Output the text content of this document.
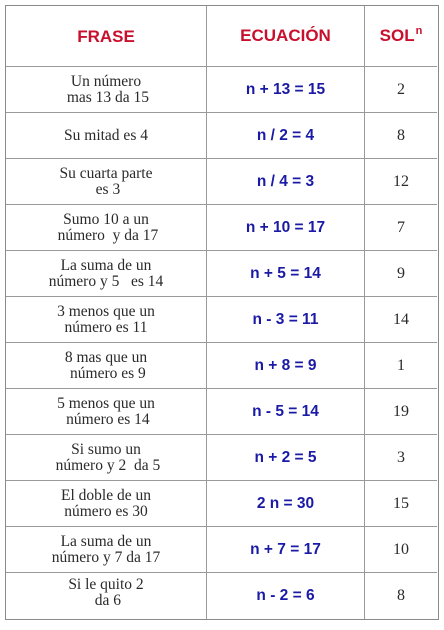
FRASE	ECUACIÓN	SOL$^n$
Un número
mas 13 da 15	n + 13 = 15	2
Su mitad es 4	n / 2 = 4	8
Su cuarta parte
es 3	n / 4 = 3	12
Sumo 10 a un
número  y da 17	n + 10 = 17	7
La suma de un
número y 5   es 14	n + 5 = 14	9
3 menos que un
número es 11	n - 3 = 11	14
8 mas que un
número es 9	n + 8 = 9	1
5 menos que un
número es 14	n - 5 = 14	19
Si sumo un
número y 2  da 5	n + 2 = 5	3
El doble de un
número es 30	2 n = 30	15
La suma de un
número y 7 da 17	n + 7 = 17	10
Si le quito 2
da 6	n - 2 = 6	8
